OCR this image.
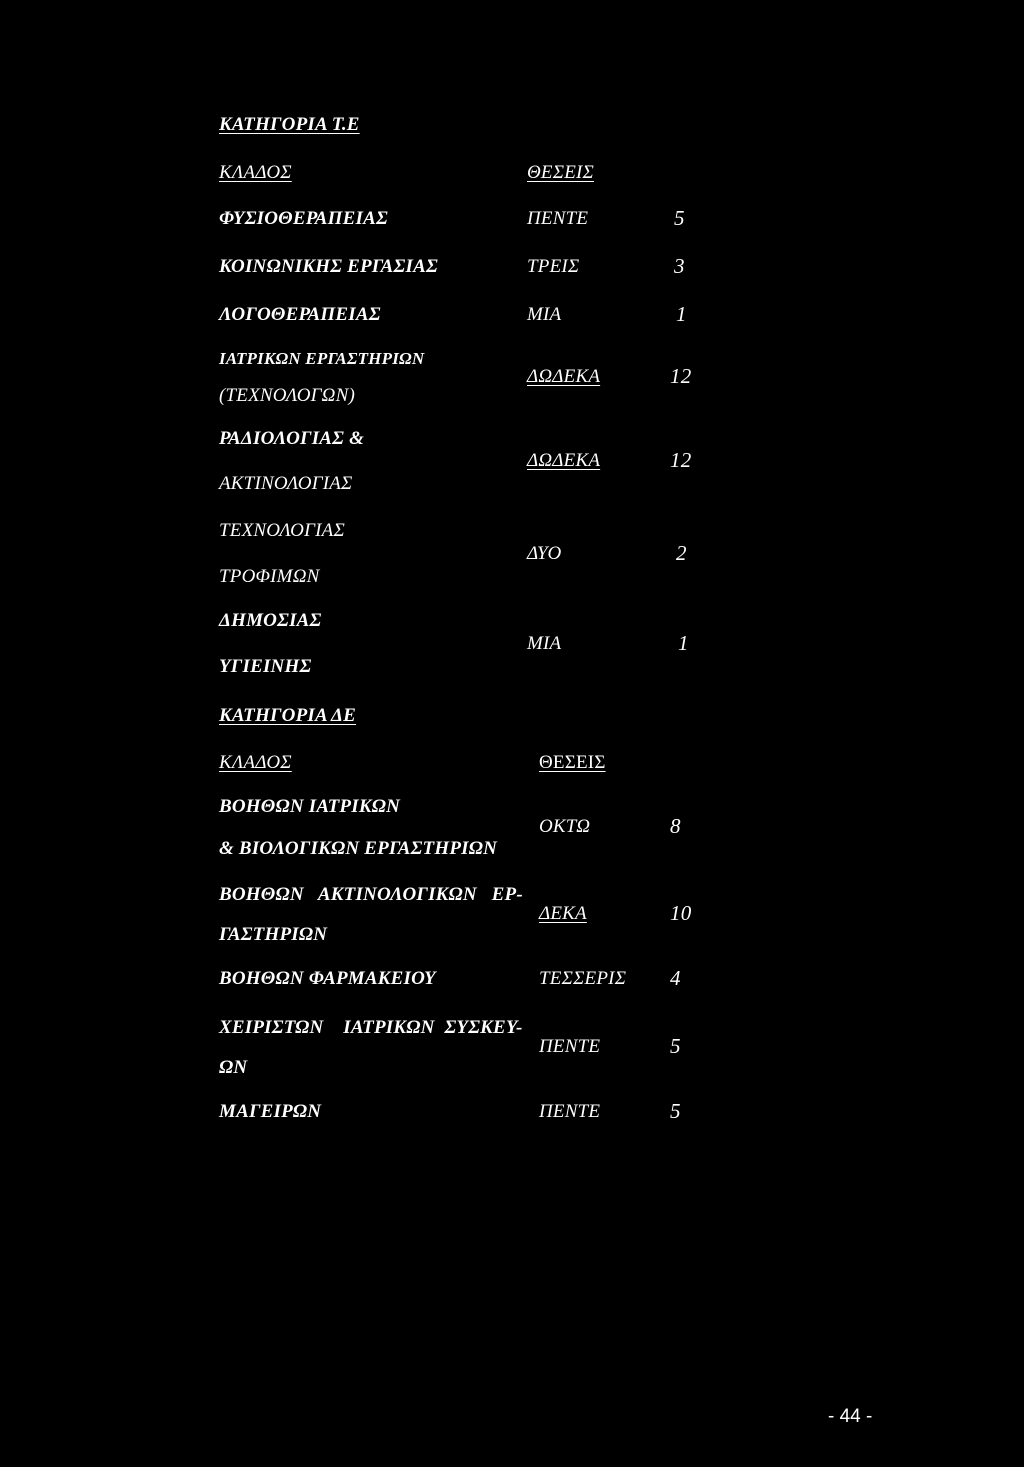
ΚΑΤΗΓΟΡΙΑ Τ.Ε
ΚΛΑΔΟΣ	ΘΕΣΕΙΣ
ΦΥΣΙΟΘΕΡΑΠΕΙΑΣ	ΠΕΝΤΕ	5
ΚΟΙΝΩΝΙΚΗΣ ΕΡΓΑΣΙΑΣ	ΤΡΕΙΣ	3
ΛΟΓΟΘΕΡΑΠΕΙΑΣ	ΜΙΑ	1
ΙΑΤΡΙΚΩΝ ΕΡΓΑΣΤΗΡΙΩΝ
(ΤΕΧΝΟΛΟΓΩΝ)
ΔΩΔΕΚΑ	12
ΡΑΔΙΟΛΟΓΙΑΣ &
ΑΚΤΙΝΟΛΟΓΙΑΣ
ΔΩΔΕΚΑ	12
ΤΕΧΝΟΛΟΓΙΑΣ
ΤΡΟΦΙΜΩΝ
ΔΥΟ	2
ΔΗΜΟΣΙΑΣ
ΥΓΙΕΙΝΗΣ
ΜΙΑ	1
ΚΑΤΗΓΟΡΙΑ ΔΕ
ΚΛΑΔΟΣ	ΘΕΣΕΙΣ
ΒΟΗΘΩΝ ΙΑΤΡΙΚΩΝ
& ΒΙΟΛΟΓΙΚΩΝ ΕΡΓΑΣΤΗΡΙΩΝ
ΟΚΤΩ	8
ΒΟΗΘΩΝ   ΑΚΤΙΝΟΛΟΓΙΚΩΝ   ΕΡ-
ΓΑΣΤΗΡΙΩΝ
ΔΕΚΑ	10
ΒΟΗΘΩΝ ΦΑΡΜΑΚΕΙΟΥ	ΤΕΣΣΕΡΙΣ 4
ΧΕΙΡΙΣΤΩΝ    ΙΑΤΡΙΚΩΝ  ΣΥΣΚΕΥ-
ΩΝ
ΠΕΝΤΕ	5
ΜΑΓΕΙΡΩΝ	ΠΕΝΤΕ	5
- 44 -
